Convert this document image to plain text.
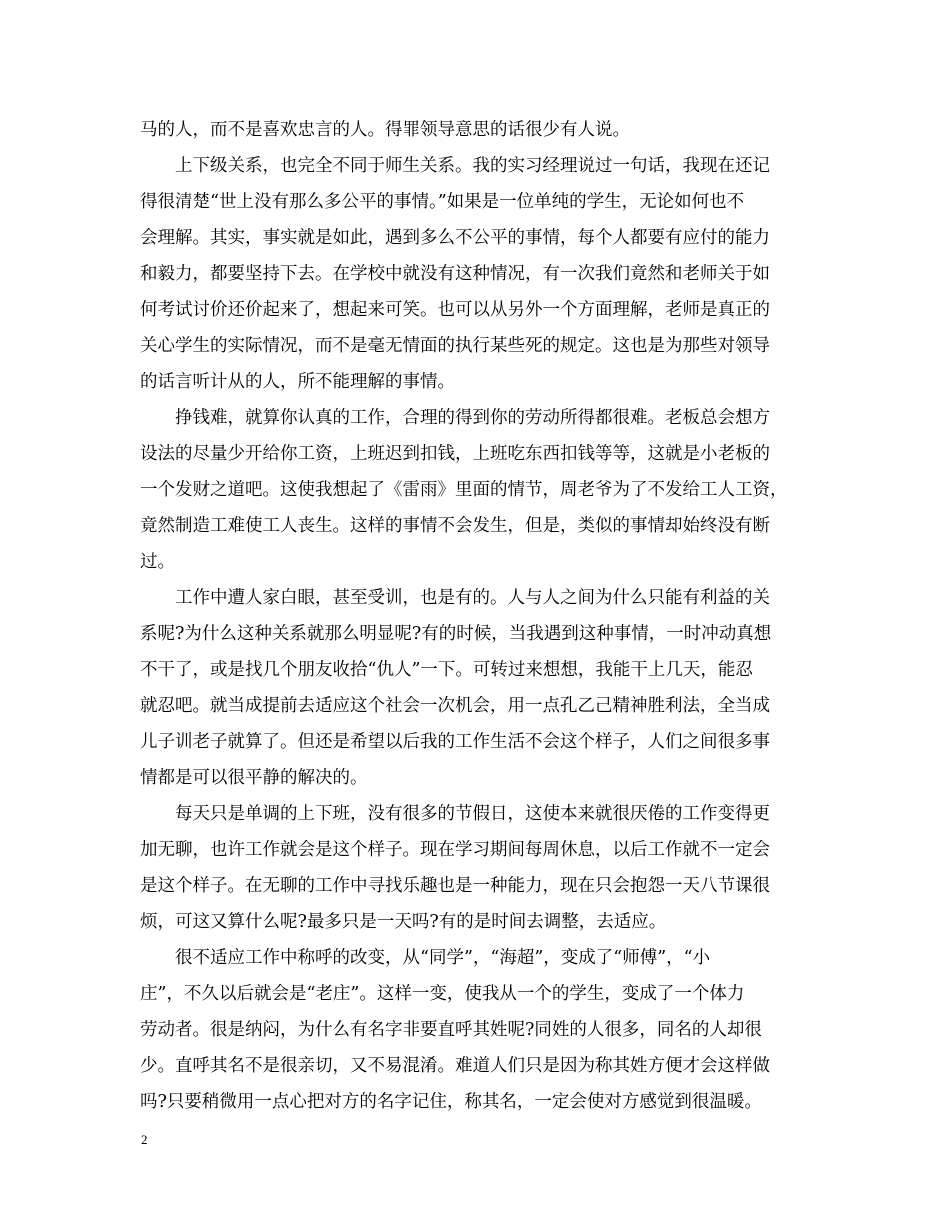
马的人，而不是喜欢忠言的人。得罪领导意思的话很少有人说。
上下级关系，也完全不同于师生关系。我的实习经理说过一句话，我现在还记
得很清楚“世上没有那么多公平的事情。”如果是一位单纯的学生，无论如何也不
会理解。其实，事实就是如此，遇到多么不公平的事情，每个人都要有应付的能力
和毅力，都要坚持下去。在学校中就没有这种情况，有一次我们竟然和老师关于如
何考试讨价还价起来了，想起来可笑。也可以从另外一个方面理解，老师是真正的
关心学生的实际情况，而不是毫无情面的执行某些死的规定。这也是为那些对领导
的话言听计从的人，所不能理解的事情。
挣钱难，就算你认真的工作，合理的得到你的劳动所得都很难。老板总会想方
设法的尽量少开给你工资，上班迟到扣钱，上班吃东西扣钱等等，这就是小老板的
一个发财之道吧。这使我想起了《雷雨》里面的情节，周老爷为了不发给工人工资，
竟然制造工难使工人丧生。这样的事情不会发生，但是，类似的事情却始终没有断
过。
工作中遭人家白眼，甚至受训，也是有的。人与人之间为什么只能有利益的关
系呢?为什么这种关系就那么明显呢?有的时候，当我遇到这种事情，一时冲动真想
不干了，或是找几个朋友收拾“仇人”一下。可转过来想想，我能干上几天，能忍
就忍吧。就当成提前去适应这个社会一次机会，用一点孔乙己精神胜利法，全当成
儿子训老子就算了。但还是希望以后我的工作生活不会这个样子，人们之间很多事
情都是可以很平静的解决的。
每天只是单调的上下班，没有很多的节假日，这使本来就很厌倦的工作变得更
加无聊，也许工作就会是这个样子。现在学习期间每周休息，以后工作就不一定会
是这个样子。在无聊的工作中寻找乐趣也是一种能力，现在只会抱怨一天八节课很
烦，可这又算什么呢?最多只是一天吗?有的是时间去调整，去适应。
很不适应工作中称呼的改变，从“同学”，“海超”，变成了“师傅”，“小
庄”，不久以后就会是“老庄”。这样一变，使我从一个的学生，变成了一个体力
劳动者。很是纳闷，为什么有名字非要直呼其姓呢?同姓的人很多，同名的人却很
少。直呼其名不是很亲切，又不易混淆。难道人们只是因为称其姓方便才会这样做
吗?只要稍微用一点心把对方的名字记住，称其名，一定会使对方感觉到很温暖。
2
